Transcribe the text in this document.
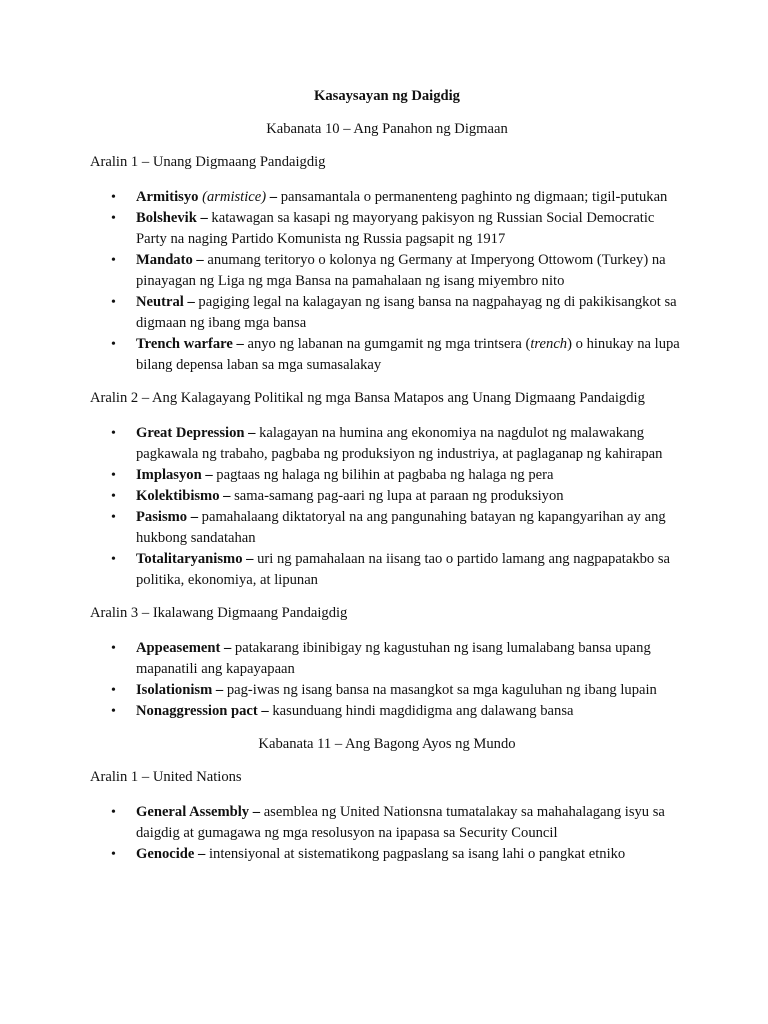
Kasaysayan ng Daigdig
Kabanata 10 – Ang Panahon ng Digmaan
Aralin 1 – Unang Digmaang Pandaigdig
• Armitisyo (armistice) – pansamantala o permanenteng paghinto ng digmaan; tigil-putukan
• Bolshevik – katawagan sa kasapi ng mayoryang pakisyon ng Russian Social Democratic Party na naging Partido Komunista ng Russia pagsapit ng 1917
• Mandato – anumang teritoryo o kolonya ng Germany at Imperyong Ottowom (Turkey) na pinayagan ng Liga ng mga Bansa na pamahalaan ng isang miyembro nito
• Neutral – pagiging legal na kalagayan ng isang bansa na nagpahayag ng di pakikisangkot sa digmaan ng ibang mga bansa
• Trench warfare – anyo ng labanan na gumgamit ng mga trintsera (trench) o hinukay na lupa bilang depensa laban sa mga sumasalakay
Aralin 2 – Ang Kalagayang Politikal ng mga Bansa Matapos ang Unang Digmaang Pandaigdig
• Great Depression – kalagayan na humina ang ekonomiya na nagdulot ng malawakang pagkawala ng trabaho, pagbaba ng produksiyon ng industriya, at paglaganap ng kahirapan
• Implasyon – pagtaas ng halaga ng bilihin at pagbaba ng halaga ng pera
• Kolektibismo – sama-samang pag-aari ng lupa at paraan ng produksiyon
• Pasismo – pamahalaang diktatoryal na ang pangunahing batayan ng kapangyarihan ay ang hukbong sandatahan
• Totalitaryanismo – uri ng pamahalaan na iisang tao o partido lamang ang nagpapatakbo sa politika, ekonomiya, at lipunan
Aralin 3 – Ikalawang Digmaang Pandaigdig
• Appeasement – patakarang ibinibigay ng kagustuhan ng isang lumalabang bansa upang mapanatili ang kapayapaan
• Isolationism – pag-iwas ng isang bansa na masangkot sa mga kaguluhan ng ibang lupain
• Nonaggression pact – kasunduang hindi magdidigma ang dalawang bansa
Kabanata 11 – Ang Bagong Ayos ng Mundo
Aralin 1 – United Nations
• General Assembly – asemblea ng United Nationsna tumatalakay sa mahahalagang isyu sa daigdig at gumagawa ng mga resolusyon na ipapasa sa Security Council
• Genocide – intensiyonal at sistematikong pagpaslang sa isang lahi o pangkat etniko
